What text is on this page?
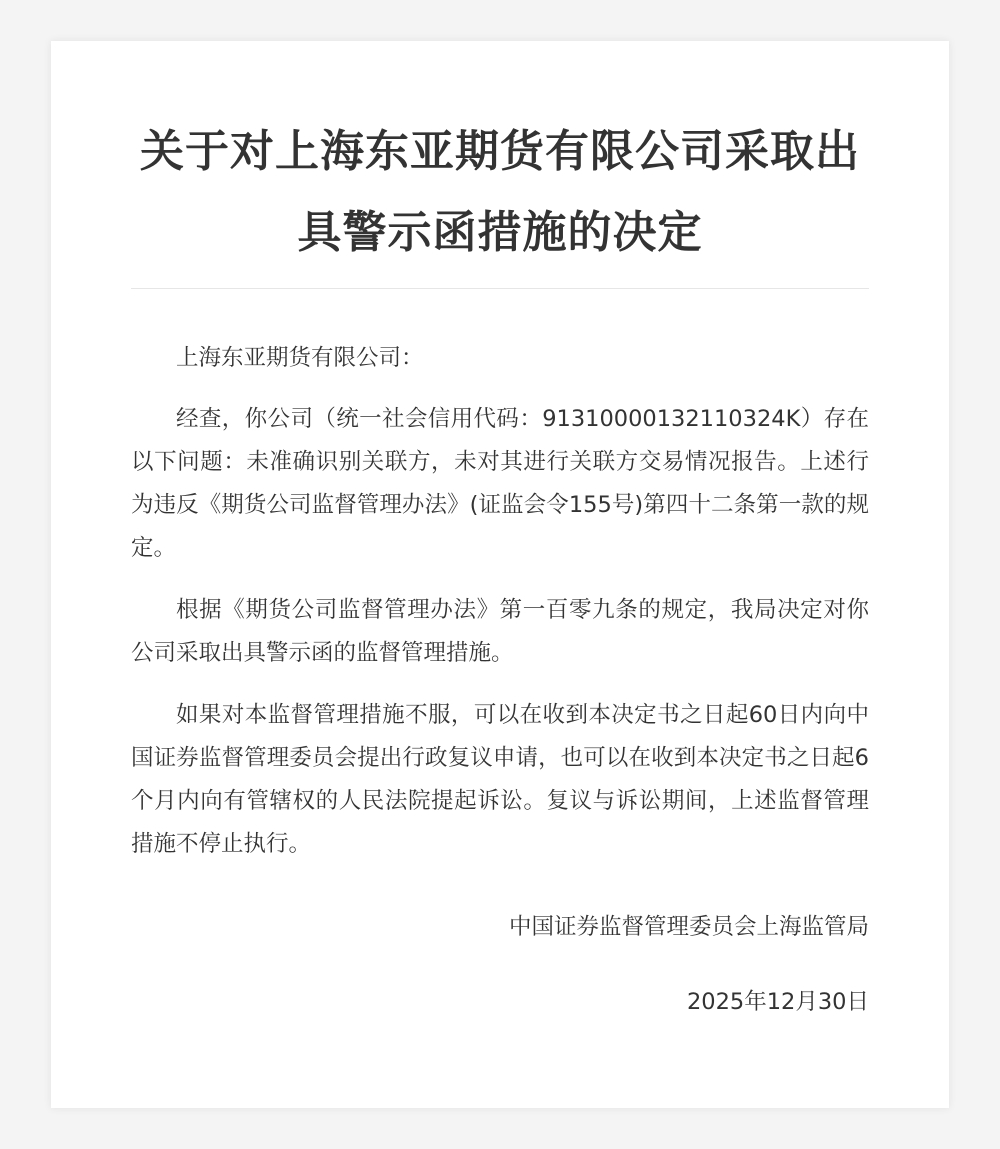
关于对上海东亚期货有限公司采取出具警示函措施的决定

上海东亚期货有限公司：

经查，你公司（统一社会信用代码：91310000132110324K）存在以下问题：未准确识别关联方，未对其进行关联方交易情况报告。上述行为违反《期货公司监督管理办法》(证监会令155号)第四十二条第一款的规定。

根据《期货公司监督管理办法》第一百零九条的规定，我局决定对你公司采取出具警示函的监督管理措施。

如果对本监督管理措施不服，可以在收到本决定书之日起60日内向中国证券监督管理委员会提出行政复议申请，也可以在收到本决定书之日起6个月内向有管辖权的人民法院提起诉讼。复议与诉讼期间，上述监督管理措施不停止执行。

中国证券监督管理委员会上海监管局
2025年12月30日
